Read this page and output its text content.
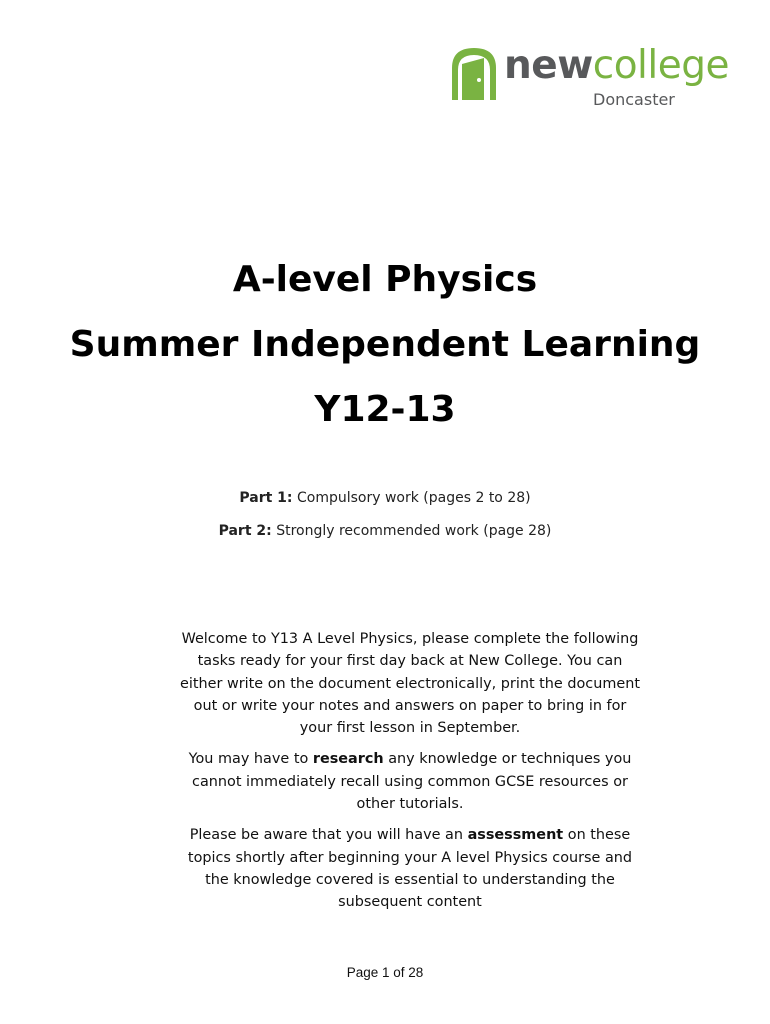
newcollege
Doncaster
A-level Physics
Summer Independent Learning
Y12-13
Part 1: Compulsory work (pages 2 to 28)
Part 2: Strongly recommended work (page 28)

Welcome to Y13 A Level Physics, please complete the following tasks ready for your first day back at New College. You can either write on the document electronically, print the document out or write your notes and answers on paper to bring in for your first lesson in September.

You may have to research any knowledge or techniques you cannot immediately recall using common GCSE resources or other tutorials.

Please be aware that you will have an assessment on these topics shortly after beginning your A level Physics course and the knowledge covered is essential to understanding the subsequent content

Page 1 of 28
